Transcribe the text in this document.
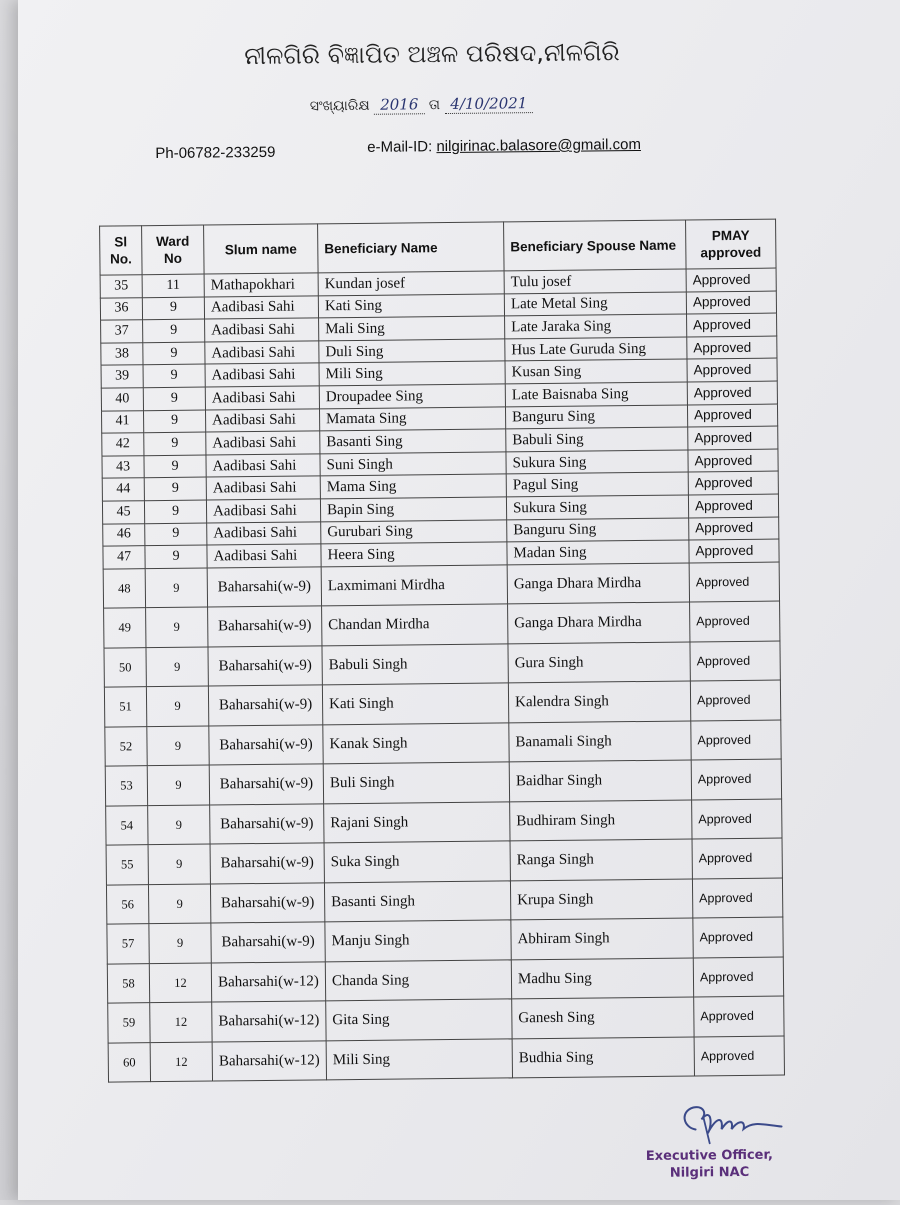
ନୀଳଗିରି ବିଜ୍ଞାପିତ ଅଞ୍ଚଳ ପରିଷଦ,ନୀଳଗିରି
ସଂଖ୍ୟାରିକ୍ଷ 2016 ତା 4/10/2021
Ph-06782-233259	e-Mail-ID: nilgirinac.balasore@gmail.com
Sl No.	Ward No	Slum name	Beneficiary Name	Beneficiary Spouse Name	PMAY approved
35	11	Mathapokhari	Kundan josef	Tulu josef	Approved
36	9	Aadibasi Sahi	Kati Sing	Late Metal Sing	Approved
37	9	Aadibasi Sahi	Mali Sing	Late Jaraka Sing	Approved
38	9	Aadibasi Sahi	Duli Sing	Hus Late Guruda Sing	Approved
39	9	Aadibasi Sahi	Mili Sing	Kusan Sing	Approved
40	9	Aadibasi Sahi	Droupadee Sing	Late Baisnaba Sing	Approved
41	9	Aadibasi Sahi	Mamata Sing	Banguru Sing	Approved
42	9	Aadibasi Sahi	Basanti Sing	Babuli Sing	Approved
43	9	Aadibasi Sahi	Suni Singh	Sukura Sing	Approved
44	9	Aadibasi Sahi	Mama Sing	Pagul Sing	Approved
45	9	Aadibasi Sahi	Bapin Sing	Sukura Sing	Approved
46	9	Aadibasi Sahi	Gurubari Sing	Banguru Sing	Approved
47	9	Aadibasi Sahi	Heera Sing	Madan Sing	Approved
48	9	Baharsahi(w-9)	Laxmimani Mirdha	Ganga Dhara Mirdha	Approved
49	9	Baharsahi(w-9)	Chandan Mirdha	Ganga Dhara Mirdha	Approved
50	9	Baharsahi(w-9)	Babuli Singh	Gura Singh	Approved
51	9	Baharsahi(w-9)	Kati Singh	Kalendra Singh	Approved
52	9	Baharsahi(w-9)	Kanak Singh	Banamali Singh	Approved
53	9	Baharsahi(w-9)	Buli Singh	Baidhar Singh	Approved
54	9	Baharsahi(w-9)	Rajani Singh	Budhiram Singh	Approved
55	9	Baharsahi(w-9)	Suka Singh	Ranga Singh	Approved
56	9	Baharsahi(w-9)	Basanti Singh	Krupa Singh	Approved
57	9	Baharsahi(w-9)	Manju Singh	Abhiram Singh	Approved
58	12	Baharsahi(w-12)	Chanda Sing	Madhu Sing	Approved
59	12	Baharsahi(w-12)	Gita Sing	Ganesh Sing	Approved
60	12	Baharsahi(w-12)	Mili Sing	Budhia Sing	Approved
Executive Officer,
Nilgiri NAC
